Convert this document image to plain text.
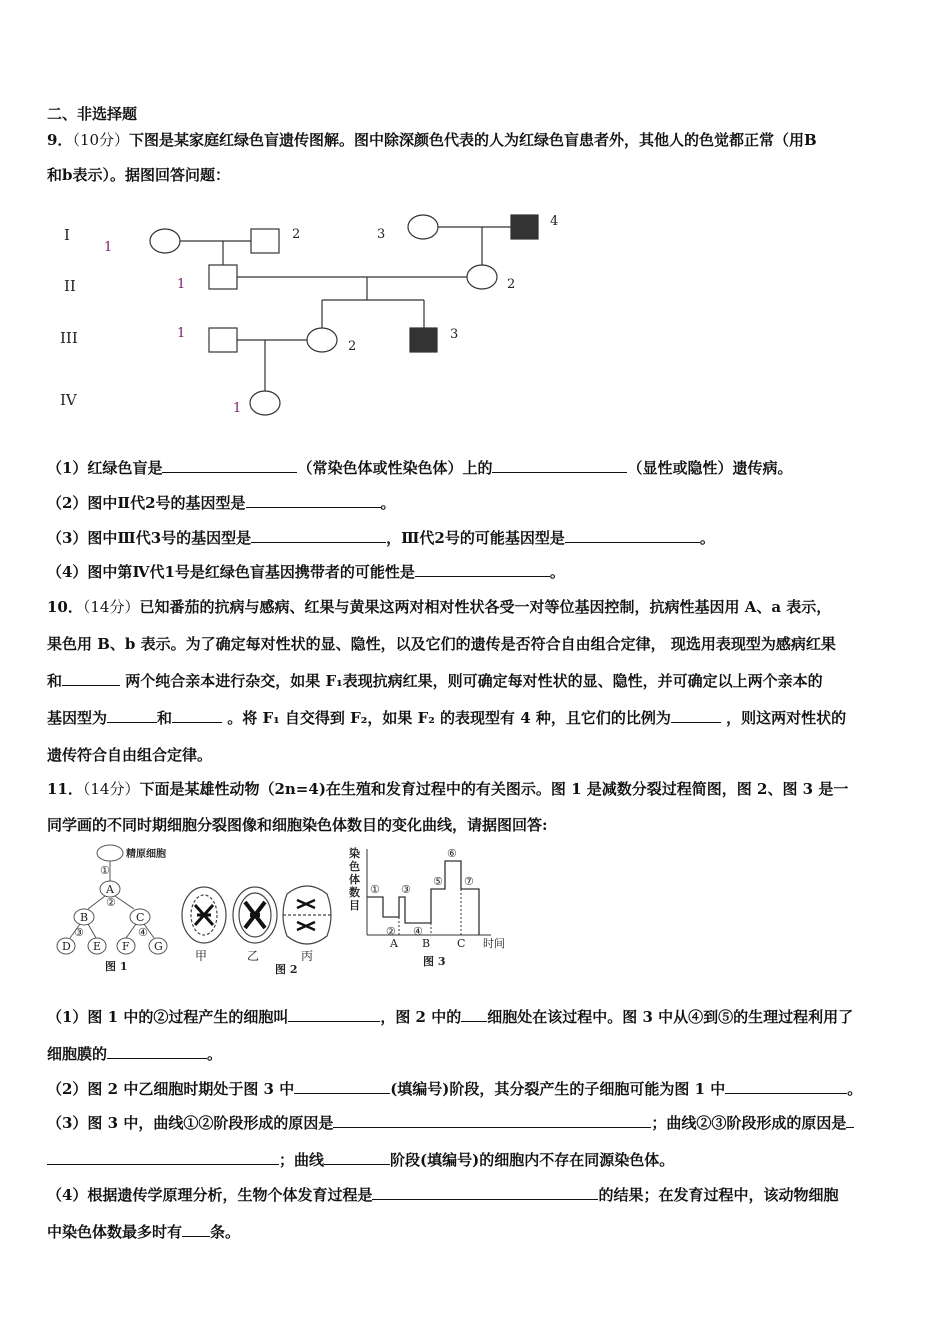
二、非选择题
9．（10分）下图是某家庭红绿色盲遗传图解。图中除深颜色代表的人为红绿色盲患者外，其他人的色觉都正常（用B
和b表示）。据图回答问题：
I
II
III
IV
1
2	3
4
1	2
1
2
3
1
（1）红绿色盲是	（常染色体或性染色体）上的	（显性或隐性）遗传病。
（2）图中Ⅱ代2号的基因型是	。
（3）图中Ⅲ代3号的基因型是	，Ⅲ代2号的可能基因型是	。
（4）图中第Ⅳ代1号是红绿色盲基因携带者的可能性是	。
10．（14分）已知番茄的抗病与感病、红果与黄果这两对相对性状各受一对等位基因控制，抗病性基因用 A、a 表示，
果色用 B、b 表示。为了确定每对性状的显、隐性，以及它们的遗传是否符合自由组合定律， 现选用表现型为感病红果
和	两个纯合亲本进行杂交，如果 F₁表现抗病红果，则可确定每对性状的显、隐性，并可确定以上两个亲本的
基因型为	和	。将 F₁ 自交得到 F₂，如果 F₂ 的表现型有 4 种，且它们的比例为	，则这两对性状的
遗传符合自由组合定律。
11．（14分）下面是某雄性动物（2n=4)在生殖和发育过程中的有关图示。图 1 是减数分裂过程简图，图 2、图 3 是一
同学画的不同时期细胞分裂图像和细胞染色体数目的变化曲线，请据图回答:
精原细胞
①
A
②
B	C
③	④
D E F G
图 1
甲	乙	丙
图 2
染色体数目
①
②
③
④
⑤
⑥
⑦
A B C 时间
图 3
（1）图 1 中的②过程产生的细胞叫	，图 2 中的 细胞处在该过程中。图 3 中从④到⑤的生理过程利用了
细胞膜的	。
（2）图 2 中乙细胞时期处于图 3 中	(填编号)阶段，其分裂产生的子细胞可能为图 1 中	。
（3）图 3 中，曲线①②阶段形成的原因是	；曲线②③阶段形成的原因是
；曲线	阶段(填编号)的细胞内不存在同源染色体。
（4）根据遗传学原理分析，生物个体发育过程是	的结果；在发育过程中，该动物细胞
中染色体数最多时有 条。
